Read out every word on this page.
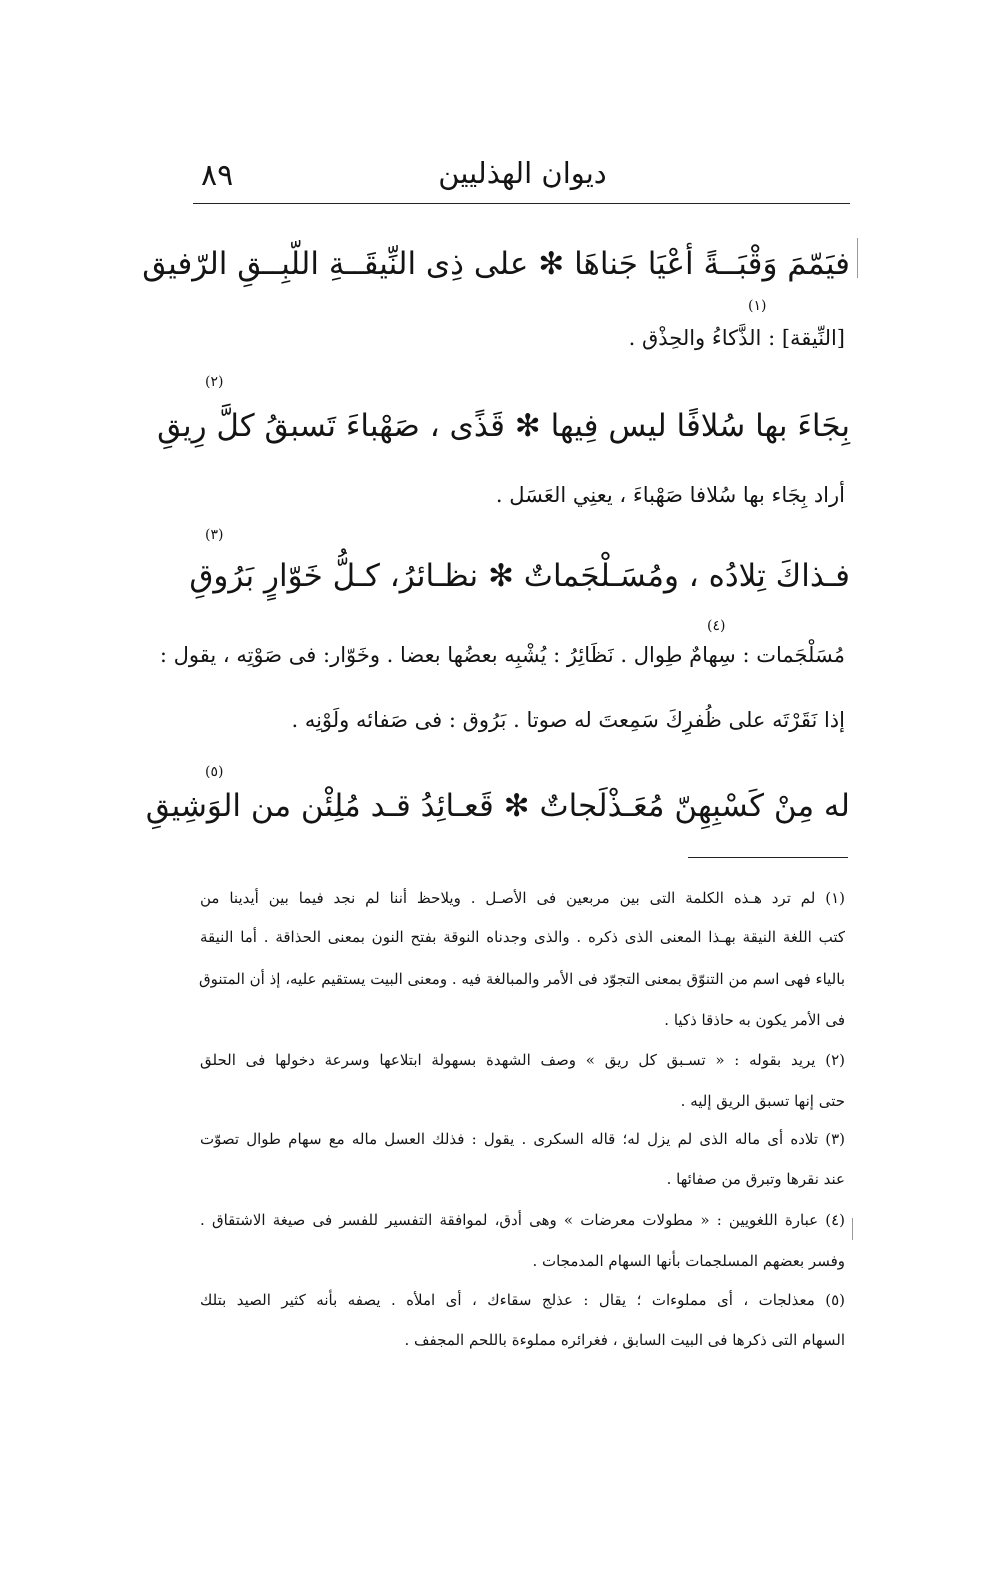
٨٩	ديوان الهذليين
فيَمّمَ وَقْبَــةً أعْيَا جَناهَا ✻ على ذِى النِّيقَــةِ اللّبِــقِ الرّفيق
(١)
[النِّيقة] : الذَّكاءُ والحِذْق .
(٢)
بِجَاءَ بها سُلافًا ليس فِيها ✻ قَذًى ، صَهْباءَ تَسبقُ كلَّ رِيقِ
أراد بِجَاء بها سُلافا صَهْباءَ ، يعنِي العَسَل .
(٣)
فـذاكَ تِلادُه ، ومُسَـلْجَماتٌ ✻ نظـائرُ، كـلُّ خَوّارٍ بَرُوقِ
(٤)
مُسَلْجَمات : سِهامٌ طِوال . نَظَائِرُ : يُشْبِه بعضُها بعضا . وخَوّار: فى صَوْتِه ، يقول :
إذا نَقَرْتَه على ظُفرِكَ سَمِعتَ له صوتا . بَرُوق : فى صَفائه ولَوْنِه .
(٥)
له مِنْ كَسْبِهِنّ مُعَـذْلَجاتٌ ✻ قَعـائِدُ قـد مُلِئْن من الوَشِيقِ
(١) لم ترد هـذه الكلمة التى بين مربعين فى الأصـل . ويلاحظ أننا لم نجد فيما بين أيدينا من
كتب اللغة النيقة بهـذا المعنى الذى ذكره . والذى وجدناه النوقة بفتح النون بمعنى الحذاقة . أما النيقة
بالياء فهى اسم من التنوّق بمعنى التجوّد فى الأمر والمبالغة فيه . ومعنى البيت يستقيم عليه، إذ أن المتنوق
فى الأمر يكون به حاذقا ذكيا .
(٢) يريد بقوله : « تسـبق كل ريق » وصف الشهدة بسهولة ابتلاعها وسرعة دخولها فى الحلق
حتى إنها تسبق الريق إليه .
(٣) تلاده أى ماله الذى لم يزل له؛ قاله السكرى . يقول : فذلك العسل ماله مع سهام طوال تصوّت
عند نقرها وتبرق من صفائها .
(٤) عبارة اللغويين : « مطولات معرضات » وهى أدق، لموافقة التفسير للفسر فى صيغة الاشتقاق .
وفسر بعضهم المسلجمات بأنها السهام المدمجات .
(٥) معذلجات ، أى مملوءات ؛ يقال : عذلج سقاءك ، أى املأه . يصفه بأنه كثير الصيد بتلك
السهام التى ذكرها فى البيت السابق ، فغرائره مملوءة باللحم المجفف .
